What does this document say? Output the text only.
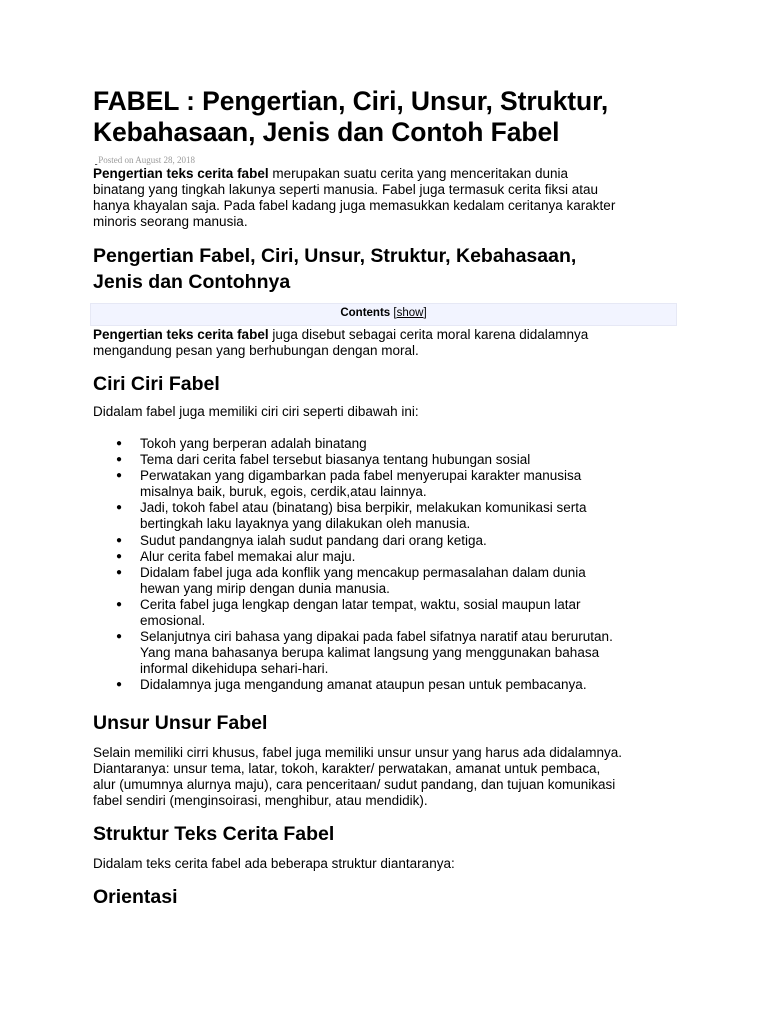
FABEL : Pengertian, Ciri, Unsur, Struktur,
Kebahasaan, Jenis dan Contoh Fabel

Posted on August 28, 2018

Pengertian teks cerita fabel merupakan suatu cerita yang menceritakan dunia
binatang yang tingkah lakunya seperti manusia. Fabel juga termasuk cerita fiksi atau
hanya khayalan saja. Pada fabel kadang juga memasukkan kedalam ceritanya karakter
minoris seorang manusia.

Pengertian Fabel, Ciri, Unsur, Struktur, Kebahasaan,
Jenis dan Contohnya
Contents [show]

Pengertian teks cerita fabel juga disebut sebagai cerita moral karena didalamnya
mengandung pesan yang berhubungan dengan moral.

Ciri Ciri Fabel

Didalam fabel juga memiliki ciri ciri seperti dibawah ini:

● Tokoh yang berperan adalah binatang
● Tema dari cerita fabel tersebut biasanya tentang hubungan sosial
● Perwatakan yang digambarkan pada fabel menyerupai karakter manusisa
misalnya baik, buruk, egois, cerdik,atau lainnya.
● Jadi, tokoh fabel atau (binatang) bisa berpikir, melakukan komunikasi serta
bertingkah laku layaknya yang dilakukan oleh manusia.
● Sudut pandangnya ialah sudut pandang dari orang ketiga.
● Alur cerita fabel memakai alur maju.
● Didalam fabel juga ada konflik yang mencakup permasalahan dalam dunia
hewan yang mirip dengan dunia manusia.
● Cerita fabel juga lengkap dengan latar tempat, waktu, sosial maupun latar
emosional.
● Selanjutnya ciri bahasa yang dipakai pada fabel sifatnya naratif atau berurutan.
Yang mana bahasanya berupa kalimat langsung yang menggunakan bahasa
informal dikehidupa sehari-hari.
● Didalamnya juga mengandung amanat ataupun pesan untuk pembacanya.
Unsur Unsur Fabel

Selain memiliki cirri khusus, fabel juga memiliki unsur unsur yang harus ada didalamnya.
Diantaranya: unsur tema, latar, tokoh, karakter/ perwatakan, amanat untuk pembaca,
alur (umumnya alurnya maju), cara penceritaan/ sudut pandang, dan tujuan komunikasi
fabel sendiri (menginsoirasi, menghibur, atau mendidik).

Struktur Teks Cerita Fabel

Didalam teks cerita fabel ada beberapa struktur diantaranya:

Orientasi
